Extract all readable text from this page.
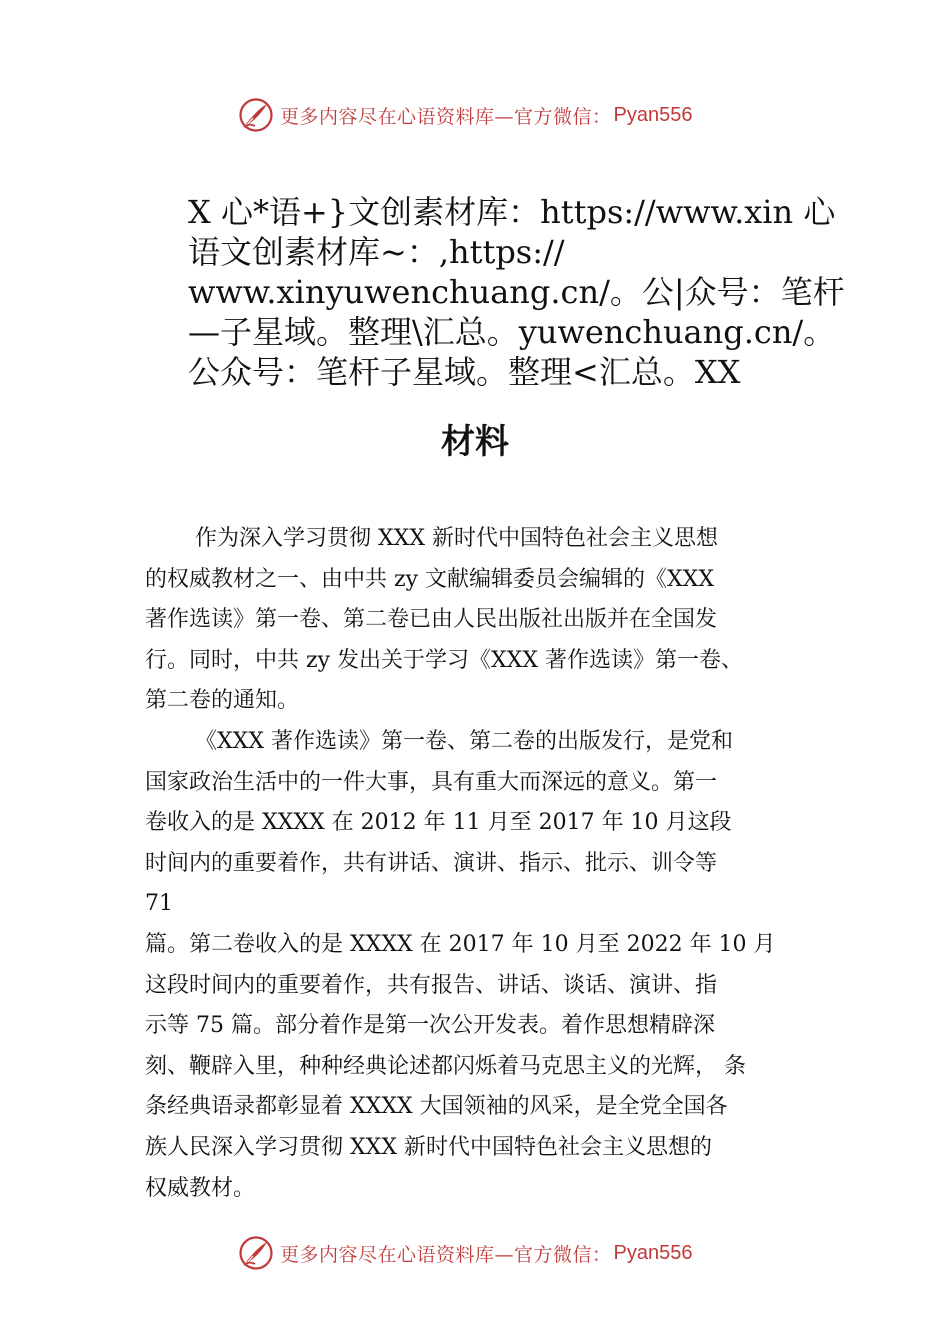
更多内容尽在心语资料库—官方微信： Pyan556
X 心*语+}文创素材库：https://www.xin 心
语文创素材库~：,https://
www.xinyuwenchuang.cn/。公|众号：笔杆
—子星域。整理\汇总。yuwenchuang.cn/。
公众号：笔杆子星域。整理<汇总。XX
材料
作为深入学习贯彻 XXX 新时代中国特色社会主义思想
的权威教材之一、由中共 zy 文献编辑委员会编辑的《XXX
著作选读》第一卷、第二卷已由人民出版社出版并在全国发
行。同时，中共 zy 发出关于学习《XXX 著作选读》第一卷、
第二卷的通知。
《XXX 著作选读》第一卷、第二卷的出版发行，是党和
国家政治生活中的一件大事，具有重大而深远的意义。第一
卷收入的是 XXXX 在 2012 年 11 月至 2017 年 10 月这段
时间内的重要着作，共有讲话、演讲、指示、批示、训令等
71
篇。第二卷收入的是 XXXX 在 2017 年 10 月至 2022 年 10 月
这段时间内的重要着作，共有报告、讲话、谈话、演讲、指
示等 75 篇。部分着作是第一次公开发表。着作思想精辟深
刻、鞭辟入里，种种经典论述都闪烁着马克思主义的光辉， 条
条经典语录都彰显着 XXXX 大国领袖的风采，是全党全国各
族人民深入学习贯彻 XXX 新时代中国特色社会主义思想的
权威教材。
更多内容尽在心语资料库—官方微信： Pyan556
